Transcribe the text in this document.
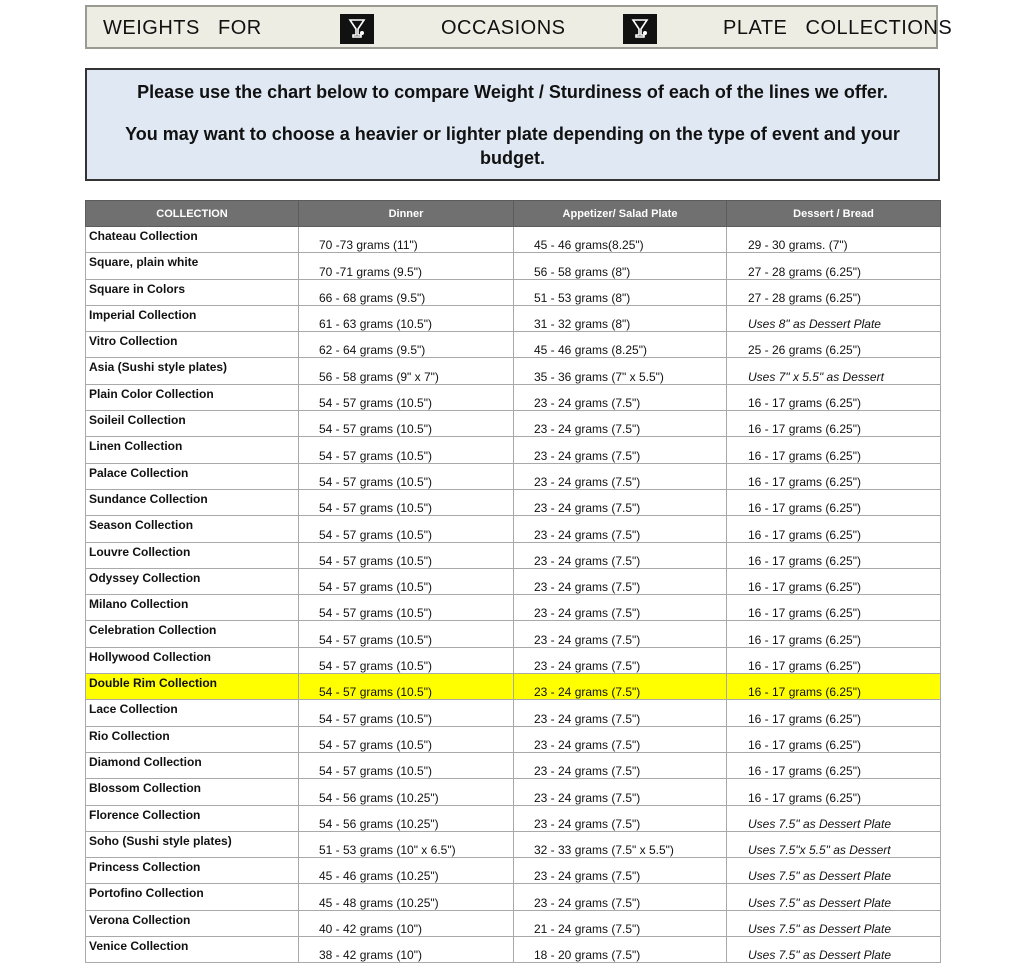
WEIGHTS   FOR	OCCASIONS	PLATE   COLLECTIONS

Please use the chart below to compare Weight / Sturdiness of each of the lines we offer.

You may want to choose a heavier or lighter plate depending on the type of event and your budget.

COLLECTION	Dinner	Appetizer/ Salad Plate	Dessert / Bread
Chateau Collection	70 -73 grams (11")	45 - 46 grams(8.25")	29 - 30 grams. (7")
Square, plain white	70 -71 grams (9.5")	56 - 58 grams (8")	27 - 28 grams (6.25")
Square in Colors	66 - 68 grams (9.5")	51 - 53 grams (8")	27 - 28 grams (6.25")
Imperial Collection	61 - 63 grams (10.5")	31 - 32 grams (8")	Uses 8" as Dessert Plate
Vitro Collection	62 - 64 grams (9.5")	45 - 46 grams (8.25")	25 - 26 grams (6.25")
Asia (Sushi style plates)	56 - 58 grams (9" x 7")	35 - 36 grams (7" x 5.5")	Uses 7" x 5.5" as Dessert
Plain Color Collection	54 - 57 grams (10.5")	23 - 24 grams (7.5")	16 - 17 grams (6.25")
Soileil Collection	54 - 57 grams (10.5")	23 - 24 grams (7.5")	16 - 17 grams (6.25")
Linen Collection	54 - 57 grams (10.5")	23 - 24 grams (7.5")	16 - 17 grams (6.25")
Palace Collection	54 - 57 grams (10.5")	23 - 24 grams (7.5")	16 - 17 grams (6.25")
Sundance Collection	54 - 57 grams (10.5")	23 - 24 grams (7.5")	16 - 17 grams (6.25")
Season Collection	54 - 57 grams (10.5")	23 - 24 grams (7.5")	16 - 17 grams (6.25")
Louvre Collection	54 - 57 grams (10.5")	23 - 24 grams (7.5")	16 - 17 grams (6.25")
Odyssey Collection	54 - 57 grams (10.5")	23 - 24 grams (7.5")	16 - 17 grams (6.25")
Milano Collection	54 - 57 grams (10.5")	23 - 24 grams (7.5")	16 - 17 grams (6.25")
Celebration Collection	54 - 57 grams (10.5")	23 - 24 grams (7.5")	16 - 17 grams (6.25")
Hollywood Collection	54 - 57 grams (10.5")	23 - 24 grams (7.5")	16 - 17 grams (6.25")
Double Rim Collection	54 - 57 grams (10.5")	23 - 24 grams (7.5")	16 - 17 grams (6.25")
Lace Collection	54 - 57 grams (10.5")	23 - 24 grams (7.5")	16 - 17 grams (6.25")
Rio Collection	54 - 57 grams (10.5")	23 - 24 grams (7.5")	16 - 17 grams (6.25")
Diamond Collection	54 - 57 grams (10.5")	23 - 24 grams (7.5")	16 - 17 grams (6.25")
Blossom Collection	54 - 56 grams (10.25")	23 - 24 grams (7.5")	16 - 17 grams (6.25")
Florence Collection	54 - 56 grams (10.25")	23 - 24 grams (7.5")	Uses 7.5" as Dessert Plate
Soho (Sushi style plates)	51 - 53 grams (10" x 6.5")	32 - 33 grams (7.5" x 5.5")	Uses 7.5"x 5.5" as Dessert
Princess Collection	45 - 46 grams (10.25")	23 - 24 grams (7.5")	Uses 7.5" as Dessert Plate
Portofino Collection	45 - 48 grams (10.25")	23 - 24 grams (7.5")	Uses 7.5" as Dessert Plate
Verona Collection	40 - 42 grams (10")	21 - 24 grams (7.5")	Uses 7.5" as Dessert Plate
Venice Collection	38 - 42 grams (10")	18 - 20 grams (7.5")	Uses 7.5" as Dessert Plate
